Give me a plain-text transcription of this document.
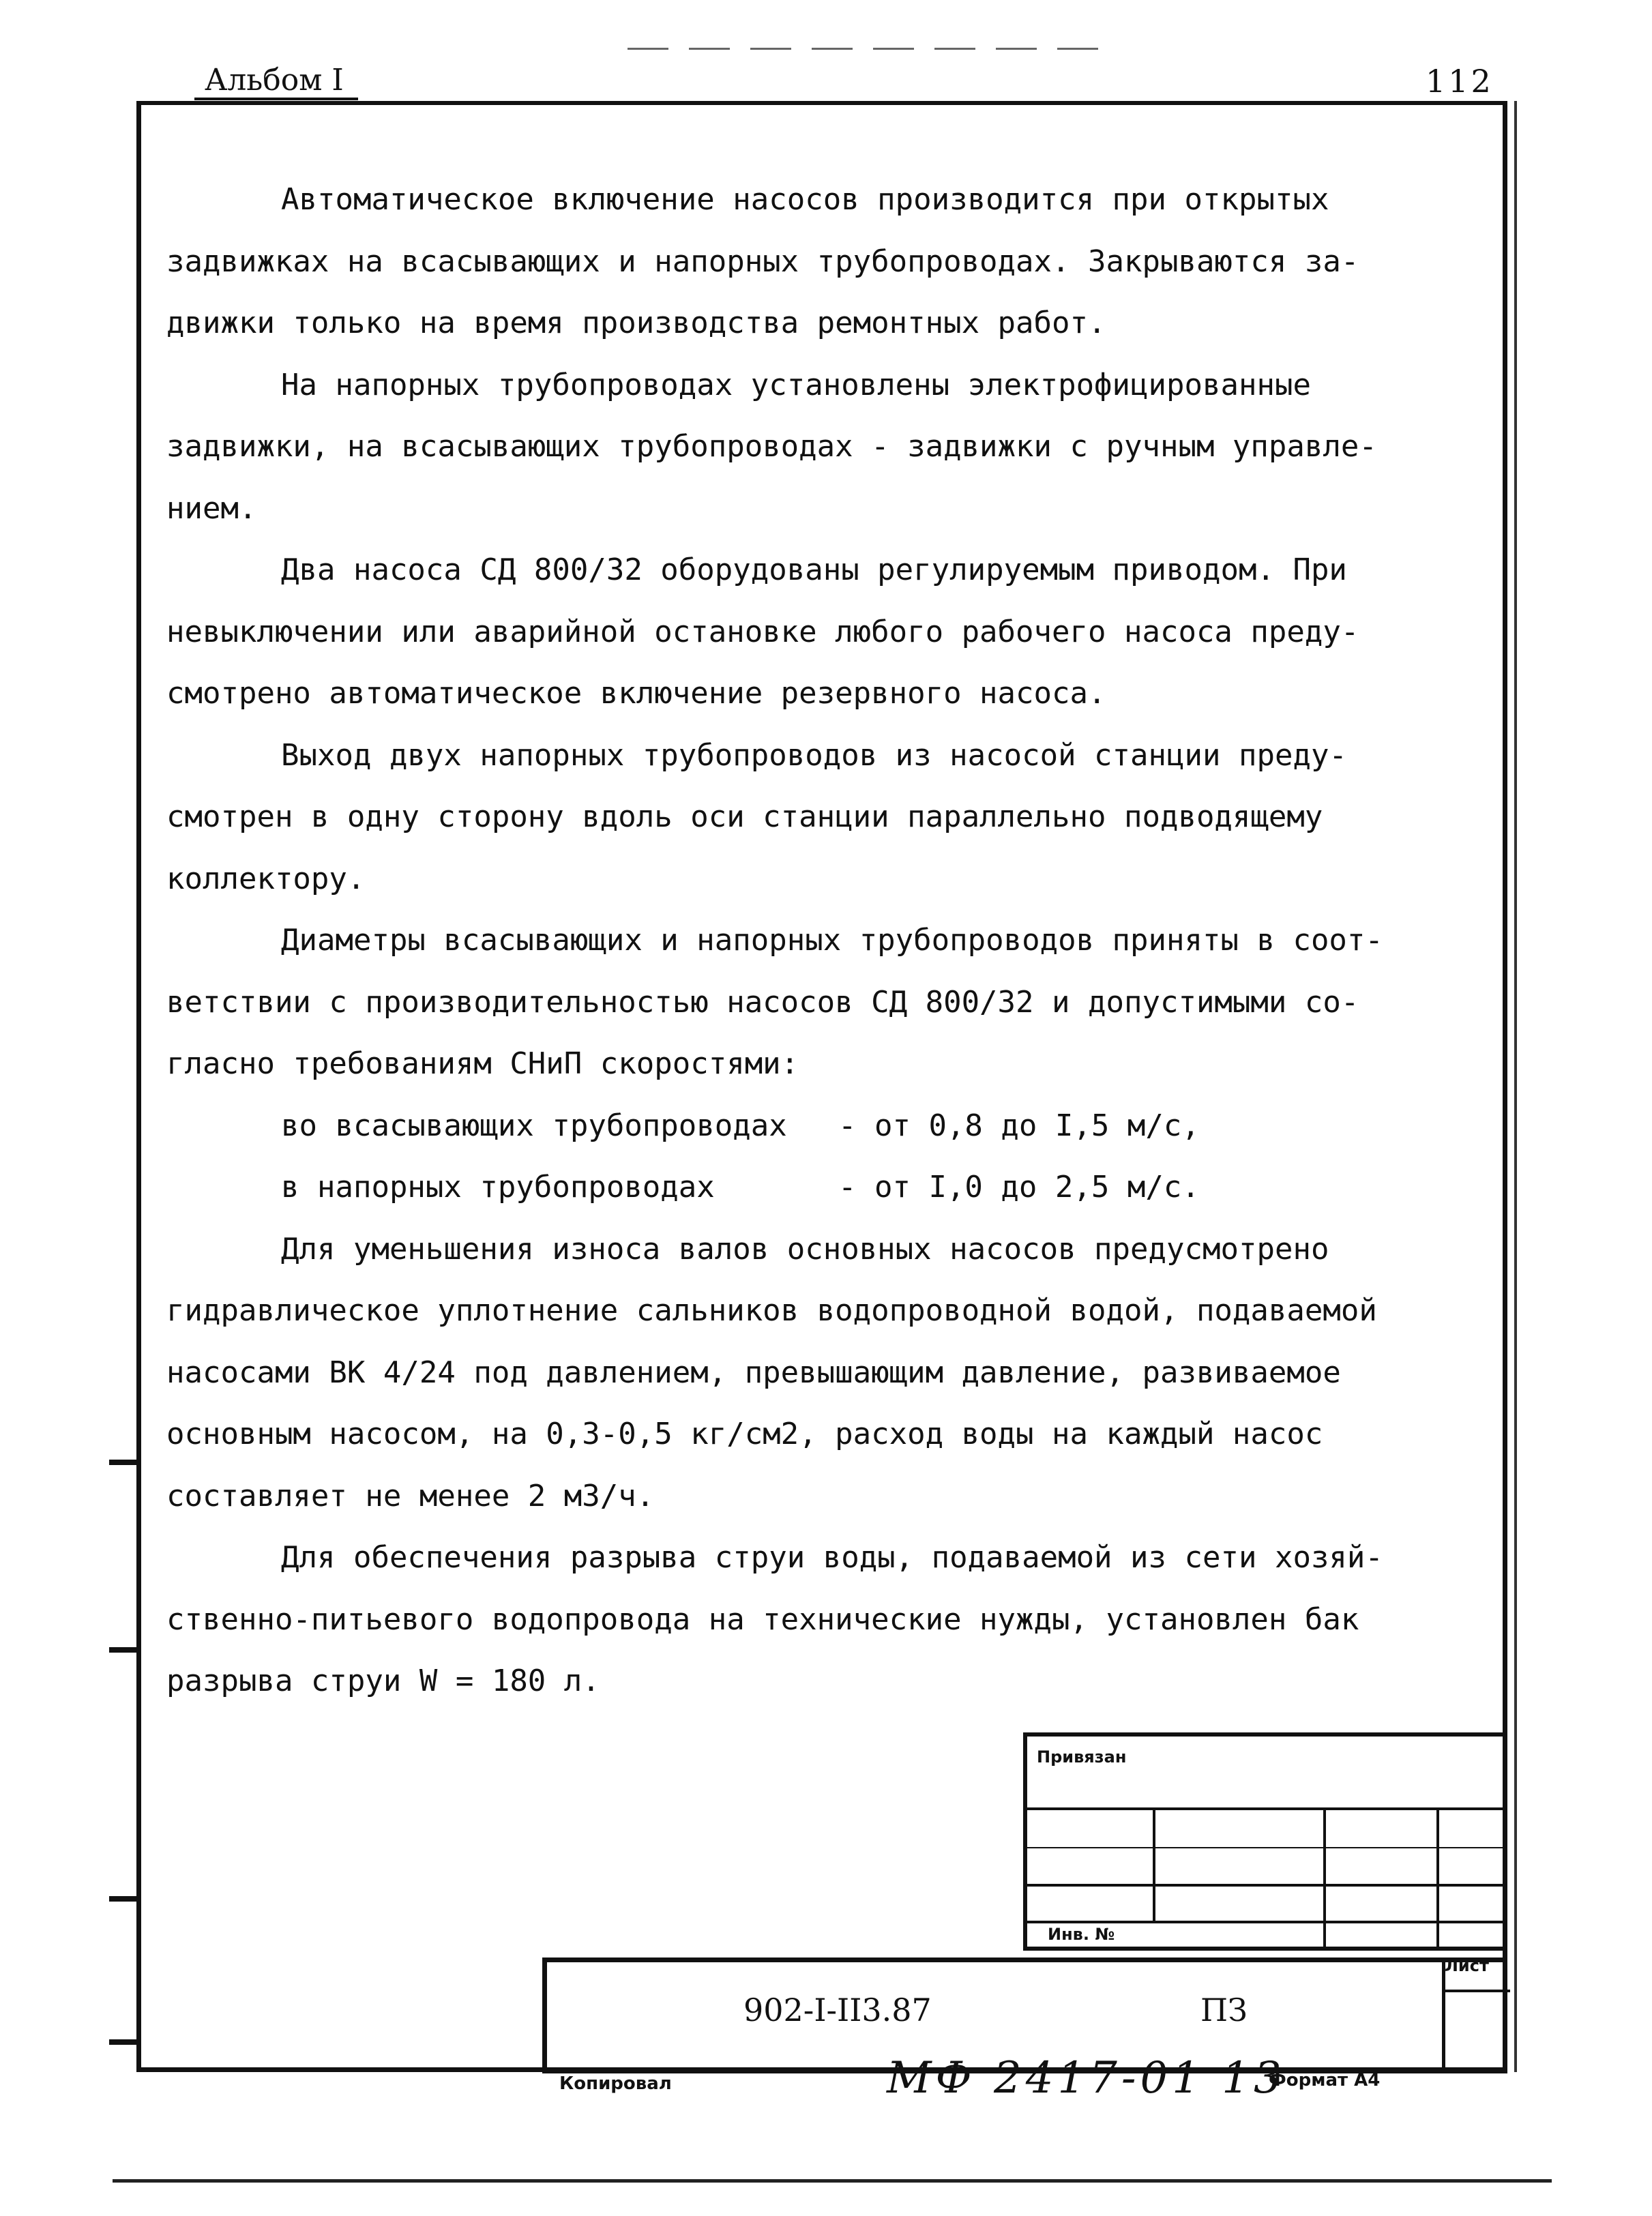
Альбом I	112

Автоматическое включение насосов производится при открытых

задвижках на всасывающих и напорных трубопроводах. Закрываются за-

движки только на время производства ремонтных работ.

На напорных трубопроводах установлены электрофицированные

задвижки, на всасывающих трубопроводах - задвижки с ручным управле-

нием.

Два насоса СД 800/32 оборудованы регулируемым приводом. При

невыключении или аварийной остановке любого рабочего насоса преду-

смотрено автоматическое включение резервного насоса.

Выход двух напорных трубопроводов из насосой станции преду-

смотрен в одну сторону вдоль оси станции параллельно подводящему

коллектору.

Диаметры всасывающих и напорных трубопроводов приняты в соот-

ветствии с производительностью насосов СД 800/32 и допустимыми со-

гласно требованиям СНиП скоростями:

во всасывающих трубопроводах - от 0,8 до I,5 м/с,
в напорных трубопроводах	- от I,0 до 2,5 м/с.

Для уменьшения износа валов основных насосов предусмотрено

гидравлическое уплотнение сальников водопроводной водой, подаваемой

насосами ВК 4/24 под давлением, превышающим давление, развиваемое

основным насосом, на 0,3-0,5 кг/см2, расход воды на каждый насос

составляет не менее 2 м3/ч.

Для обеспечения разрыва струи воды, подаваемой из сети хозяй-

ственно-питьевого водопровода на технические нужды, установлен бак

разрыва струи W = 180 л.

Привязан
Инв. №
Лист
902-I-II3.87	ПЗ
Копировал	МФ 2417-01 13
Формат А4
